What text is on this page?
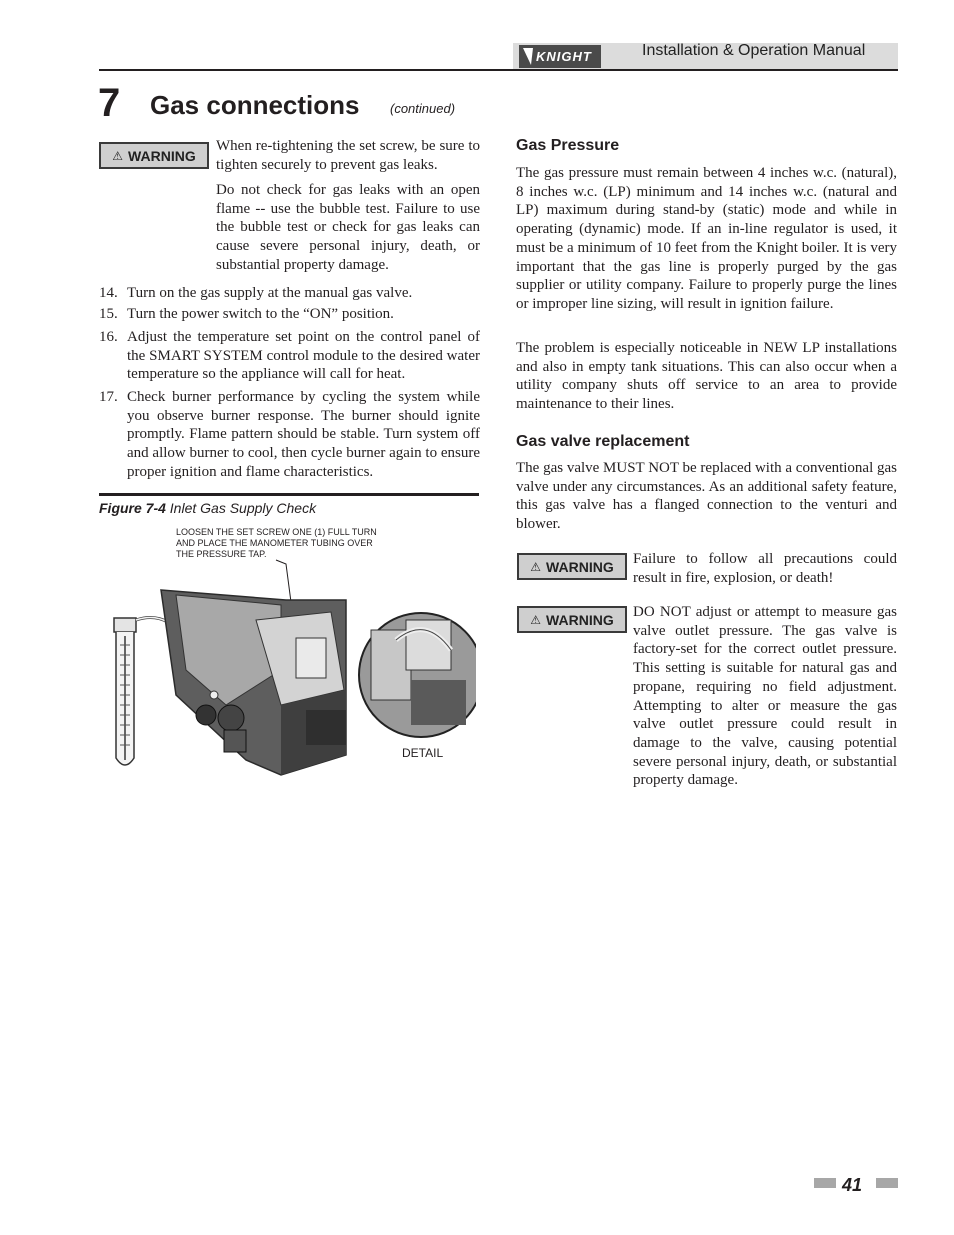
KNIGHT	Installation & Operation Manual
7 Gas connections (continued)
⚠ WARNING

When re-tightening the set screw, be sure to tighten securely to prevent gas leaks.

Do not check for gas leaks with an open flame -- use the bubble test. Failure to use the bubble test or check for gas leaks can cause severe personal injury, death, or substantial property damage.

14. Turn on the gas supply at the manual gas valve.
15. Turn the power switch to the “ON” position.
16. Adjust the temperature set point on the control panel of the SMART SYSTEM control module to the desired water temperature so the appliance will call for heat.
17. Check burner performance by cycling the system while you observe burner response. The burner should ignite promptly. Flame pattern should be stable. Turn system off and allow burner to cool, then cycle burner again to ensure proper ignition and flame characteristics.
Figure 7-4 Inlet Gas Supply Check
LOOSEN THE SET SCREW ONE (1) FULL TURN
AND PLACE THE MANOMETER TUBING OVER
THE PRESSURE TAP.
DETAIL
Gas Pressure

The gas pressure must remain between 4 inches w.c. (natural), 8 inches w.c. (LP) minimum and 14 inches w.c. (natural and LP) maximum during stand-by (static) mode and while in operating (dynamic) mode. If an in-line regulator is used, it must be a minimum of 10 feet from the Knight boiler. It is very important that the gas line is properly purged by the gas supplier or utility company. Failure to properly purge the lines or improper line sizing, will result in ignition failure.

The problem is especially noticeable in NEW LP installations and also in empty tank situations. This can also occur when a utility company shuts off service to an area to provide maintenance to their lines.

Gas valve replacement

The gas valve MUST NOT be replaced with a conventional gas valve under any circumstances. As an additional safety feature, this gas valve has a flanged connection to the venturi and blower.

⚠ WARNING Failure to follow all precautions could result in fire, explosion, or death!

⚠ WARNING DO NOT adjust or attempt to measure gas valve outlet pressure. The gas valve is factory-set for the correct outlet pressure. This setting is suitable for natural gas and propane, requiring no field adjustment. Attempting to alter or measure the gas valve outlet pressure could result in damage to the valve, causing potential severe personal injury, death, or substantial property damage.

41
